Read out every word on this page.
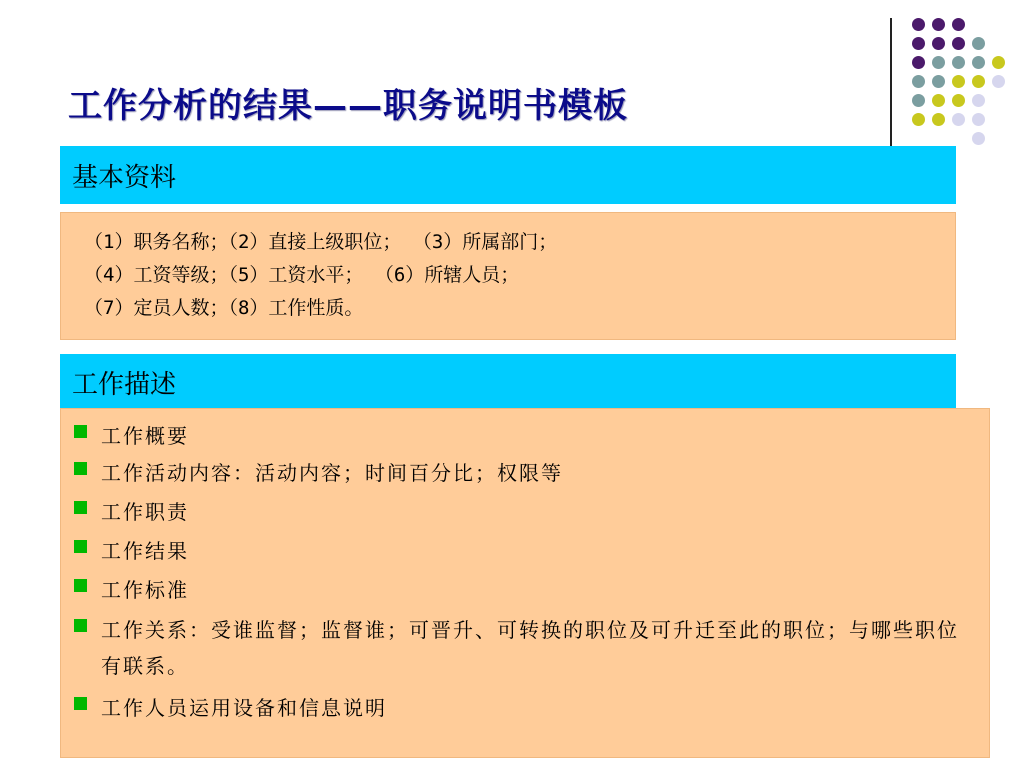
工作分析的结果——职务说明书模板
基本资料
（1）职务名称；（2）直接上级职位； （3）所属部门；
（4）工资等级；（5）工资水平； （6）所辖人员；
（7）定员人数；（8）工作性质。
工作描述
工作概要
工作活动内容：活动内容；时间百分比；权限等
工作职责
工作结果
工作标准
工作关系：受谁监督；监督谁；可晋升、可转换的职位及可升迁至此的职位；与哪些职位有联系。
工作人员运用设备和信息说明
